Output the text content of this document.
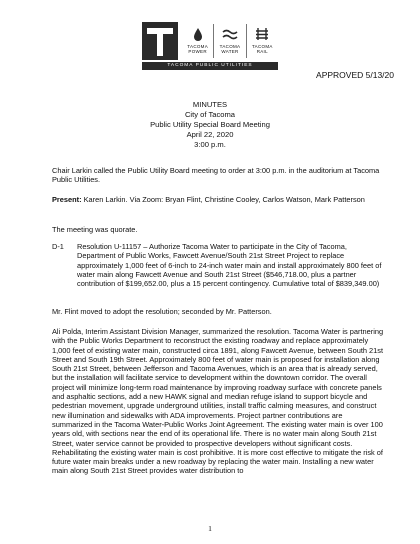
TACOMA POWER
TACOMA WATER
TACOMA RAIL
TACOMA PUBLIC UTILITIES
APPROVED 5/13/20
MINUTES
City of Tacoma
Public Utility Special Board Meeting
April 22, 2020
3:00 p.m.
Chair Larkin called the Public Utility Board meeting to order at 3:00 p.m. in the auditorium at Tacoma Public Utilities.
Present: Karen Larkin. Via Zoom: Bryan Flint, Christine Cooley, Carlos Watson, Mark Patterson
The meeting was quorate.
D-1 Resolution U-11157 – Authorize Tacoma Water to participate in the City of Tacoma, Department of Public Works, Fawcett Avenue/South 21st Street Project to replace approximately 1,000 feet of 6-inch to 24-inch water main and install approximately 800 feet of water main along Fawcett Avenue and South 21st Street ($546,718.00, plus a partner contribution of $199,652.00, plus a 15 percent contingency. Cumulative total of $839,349.00)
Mr. Flint moved to adopt the resolution; seconded by Mr. Patterson.
Ali Polda, Interim Assistant Division Manager, summarized the resolution. Tacoma Water is partnering with the Public Works Department to reconstruct the existing roadway and replace approximately 1,000 feet of existing water main, constructed circa 1891, along Fawcett Avenue, between South 21st Street and South 19th Street. Approximately 800 feet of water main is proposed for installation along South 21st Street, between Jefferson and Tacoma Avenues, which is an area that is already served, but the installation will facilitate service to development within the downtown corridor. The overall project will minimize long-term road maintenance by improving roadway surface with concrete panels and asphaltic sections, add a new HAWK signal and median refuge island to support bicycle and pedestrian movement, upgrade underground utilities, install traffic calming measures, and construct new illumination and sidewalks with ADA improvements. Project partner contributions are summarized in the Tacoma Water-Public Works Joint Agreement. The existing water main is over 100 years old, with sections near the end of its operational life. There is no water main along South 21st Street, water service cannot be provided to prospective developers without significant costs. Rehabilitating the existing water main is cost prohibitive. It is more cost effective to mitigate the risk of future water main breaks under a new roadway by replacing the water main. Installing a new water main along South 21st Street provides water distribution to
1
